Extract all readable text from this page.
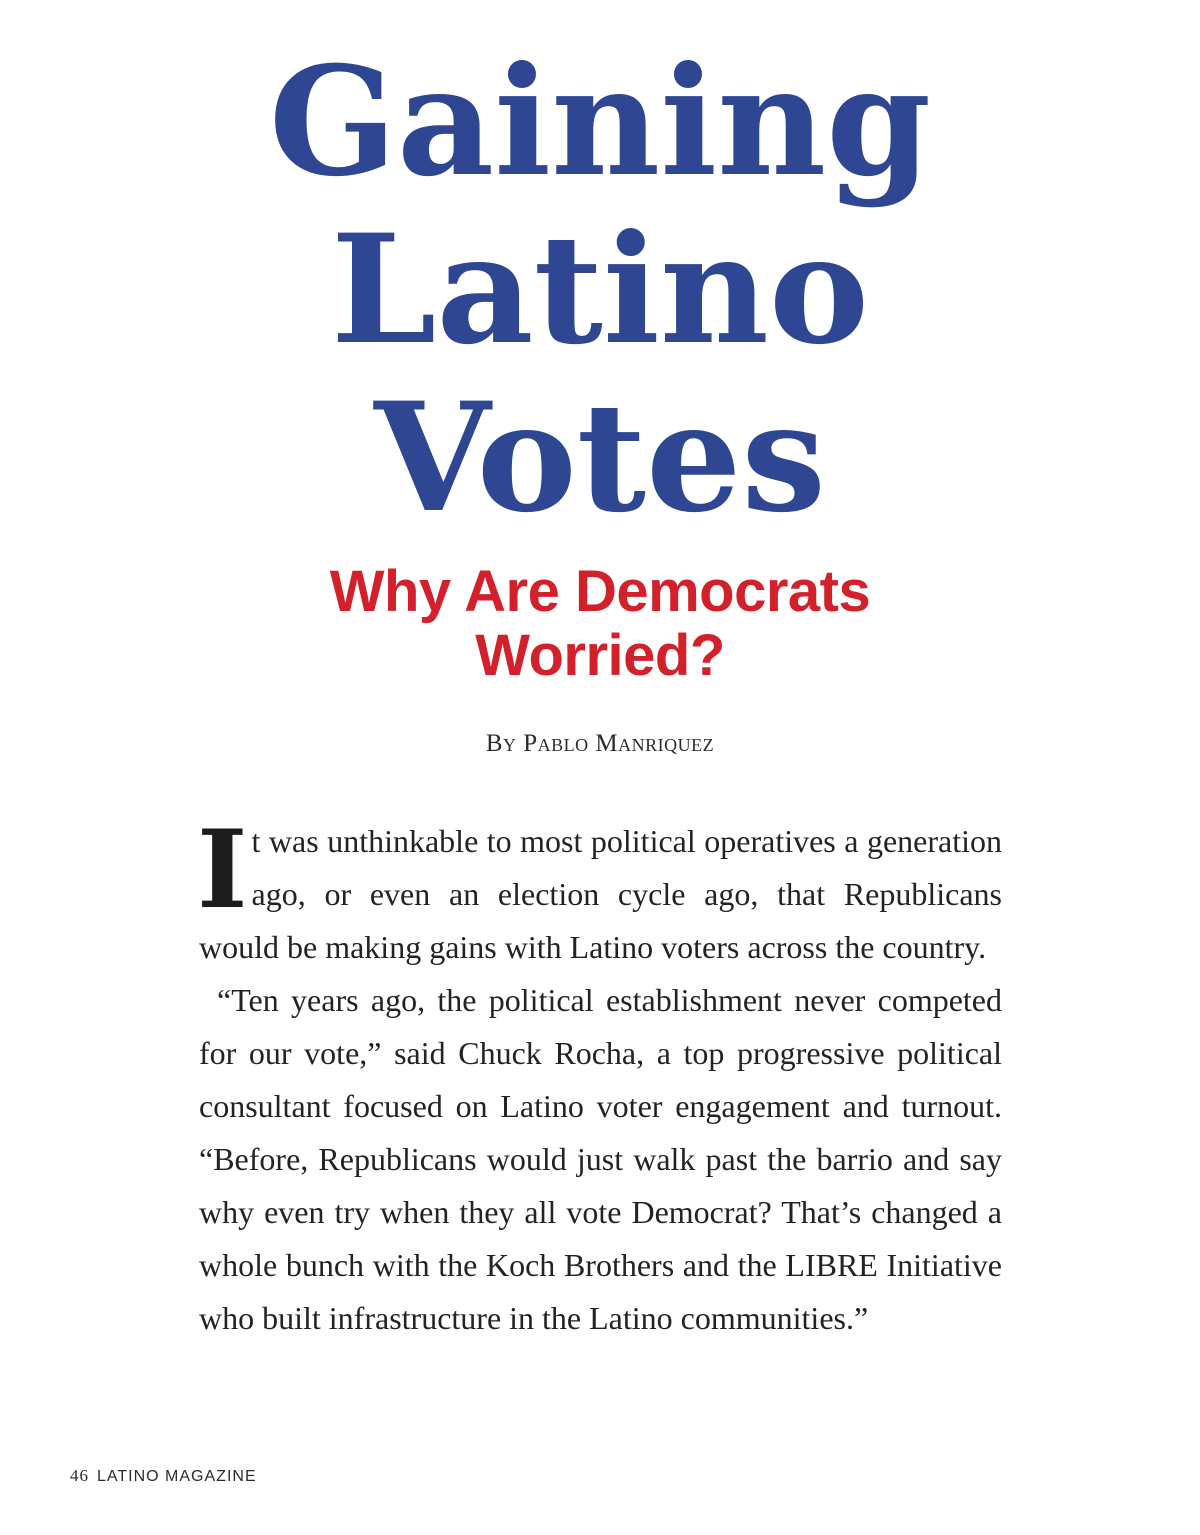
Gaining
Latino
Votes
Why Are Democrats
Worried?
By Pablo Manriquez

It was unthinkable to most political operatives a generation ago, or even an election cycle ago, that Republicans would be making gains with Latino voters across the country.

“Ten years ago, the political establishment never competed for our vote,” said Chuck Rocha, a top progressive political consultant focused on Latino voter engagement and turnout. “Before, Republicans would just walk past the barrio and say why even try when they all vote Democrat? That’s changed a whole bunch with the Koch Brothers and the LIBRE Initiative who built infrastructure in the Latino communities.”

46 LATINO MAGAZINE
